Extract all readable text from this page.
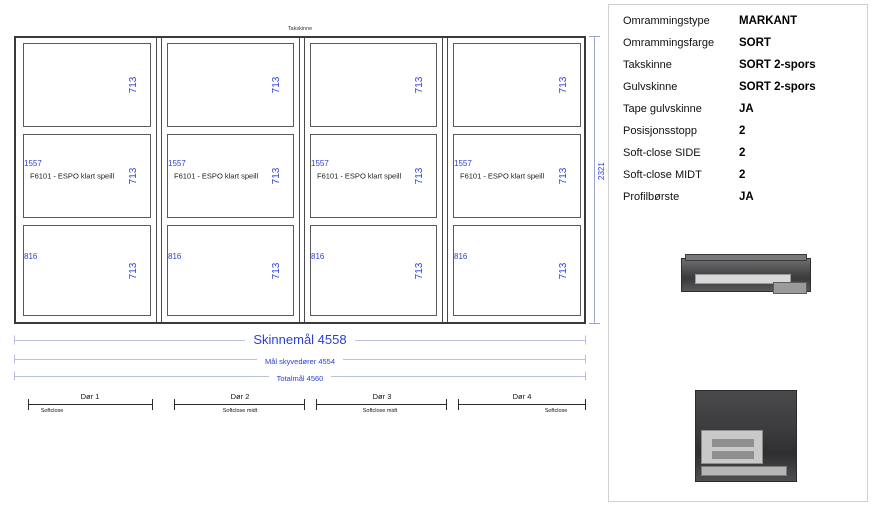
Takskinne
713
F6101 - ESPO klart speill 713
713
1557
816
713
F6101 - ESPO klart speill 713
713
1557
816
713
F6101 - ESPO klart speill 713
713
1557
816
713
F6101 - ESPO klart speill 713
713
1557
816
2321
Skinnemål 4558
Mål skyvedører 4554
Totalmål 4560
Dør 1
Softclose
Dør 2
Softclose midt
Dør 3
Softclose midt
Dør 4
Softclose
Omrammingstype	MARKANT
Omrammingsfarge	SORT
Takskinne	SORT 2-spors
Gulvskinne	SORT 2-spors
Tape gulvskinne	JA
Posisjonsstopp	2
Soft-close SIDE	2
Soft-close MIDT	2
Profilbørste	JA
